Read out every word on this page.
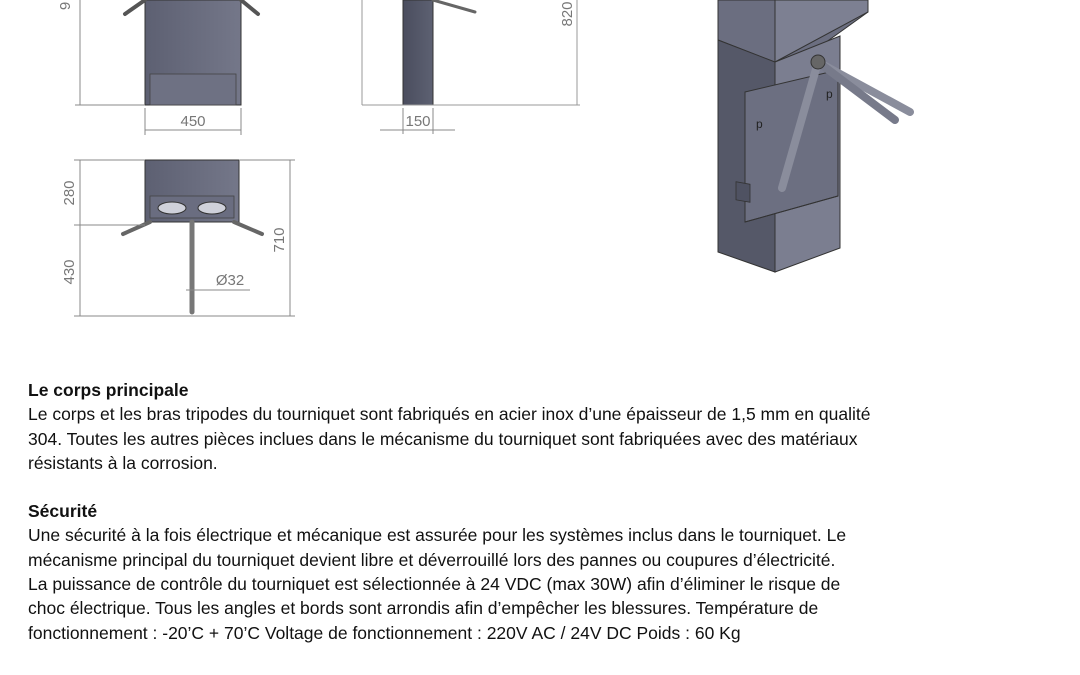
450
9	820
150
280
430
710
Ø32
p
p

Le corps principale

Le corps et les bras tripodes du tourniquet sont fabriqués en acier inox d’une épaisseur de 1,5 mm en qualité

304. Toutes les autres pièces inclues dans le mécanisme du tourniquet sont fabriquées avec des matériaux

résistants à la corrosion.

Sécurité

Une sécurité à la fois électrique et mécanique est assurée pour les systèmes inclus dans le tourniquet. Le

mécanisme principal du tourniquet devient libre et déverrouillé lors des pannes ou coupures d’électricité.

La puissance de contrôle du tourniquet est sélectionnée à 24 VDC (max 30W) afin d’éliminer le risque de

choc électrique. Tous les angles et bords sont arrondis afin d’empêcher les blessures. Température de

fonctionnement : -20’C + 70’C Voltage de fonctionnement : 220V AC / 24V DC Poids : 60 Kg
